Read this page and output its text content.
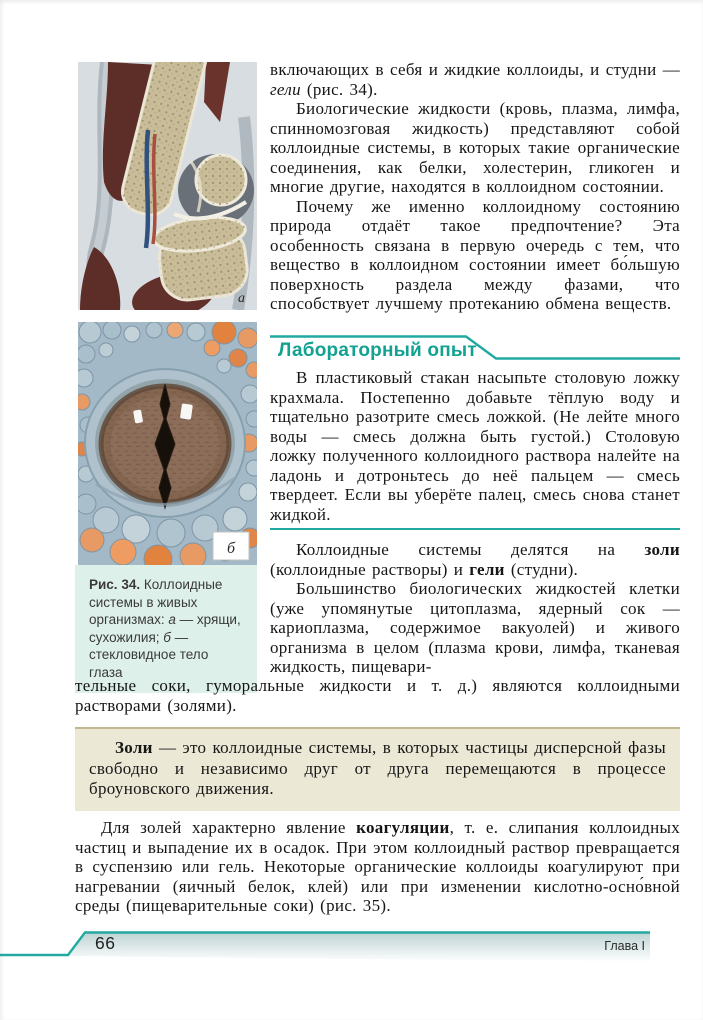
а
б
Рис. 34. Коллоидные системы в живых организмах: а — хрящи, сухожилия; б — стекловидное тело глаза

включающих в себя и жидкие коллоиды, и студни — гели (рис. 34).

Биологические жидкости (кровь, плазма, лимфа, спинномозговая жидкость) представляют собой коллоидные системы, в которых такие органические соединения, как белки, холестерин, гликоген и многие другие, находятся в коллоидном состоянии.

Почему же именно коллоидному состоянию природа отдаёт такое предпочтение? Эта особенность связана в первую очередь с тем, что вещество в коллоидном состоянии имеет бо́льшую поверхность раздела между фазами, что способствует лучшему протеканию обмена веществ.

Лабораторный опыт

В пластиковый стакан насыпьте столовую ложку крахмала. Постепенно добавьте тёплую воду и тщательно разотрите смесь ложкой. (Не лейте много воды — смесь должна быть густой.) Столовую ложку полученного коллоидного раствора налейте на ладонь и дотроньтесь до неё пальцем — смесь твердеет. Если вы уберёте палец, смесь снова станет жидкой.

Коллоидные системы делятся на золи (коллоидные растворы) и гели (студни).

Большинство биологических жидкостей клетки (уже упомянутые цитоплазма, ядерный сок — кариоплазма, содержимое вакуолей) и живого организма в целом (плазма крови, лимфа, тканевая жидкость, пищевари-

тельные соки, гуморальные жидкости и т. д.) являются коллоидными растворами (золями).

Золи — это коллоидные системы, в которых частицы дисперсной фазы свободно и независимо друг от друга перемещаются в процессе броуновского движения.

Для золей характерно явление коагуляции, т. е. слипания коллоидных частиц и выпадение их в осадок. При этом коллоидный раствор превращается в суспензию или гель. Некоторые органические коллоиды коагулируют при нагревании (яичный белок, клей) или при изменении кислотно-осно́вной среды (пищеварительные соки) (рис. 35).

66	Глава I
